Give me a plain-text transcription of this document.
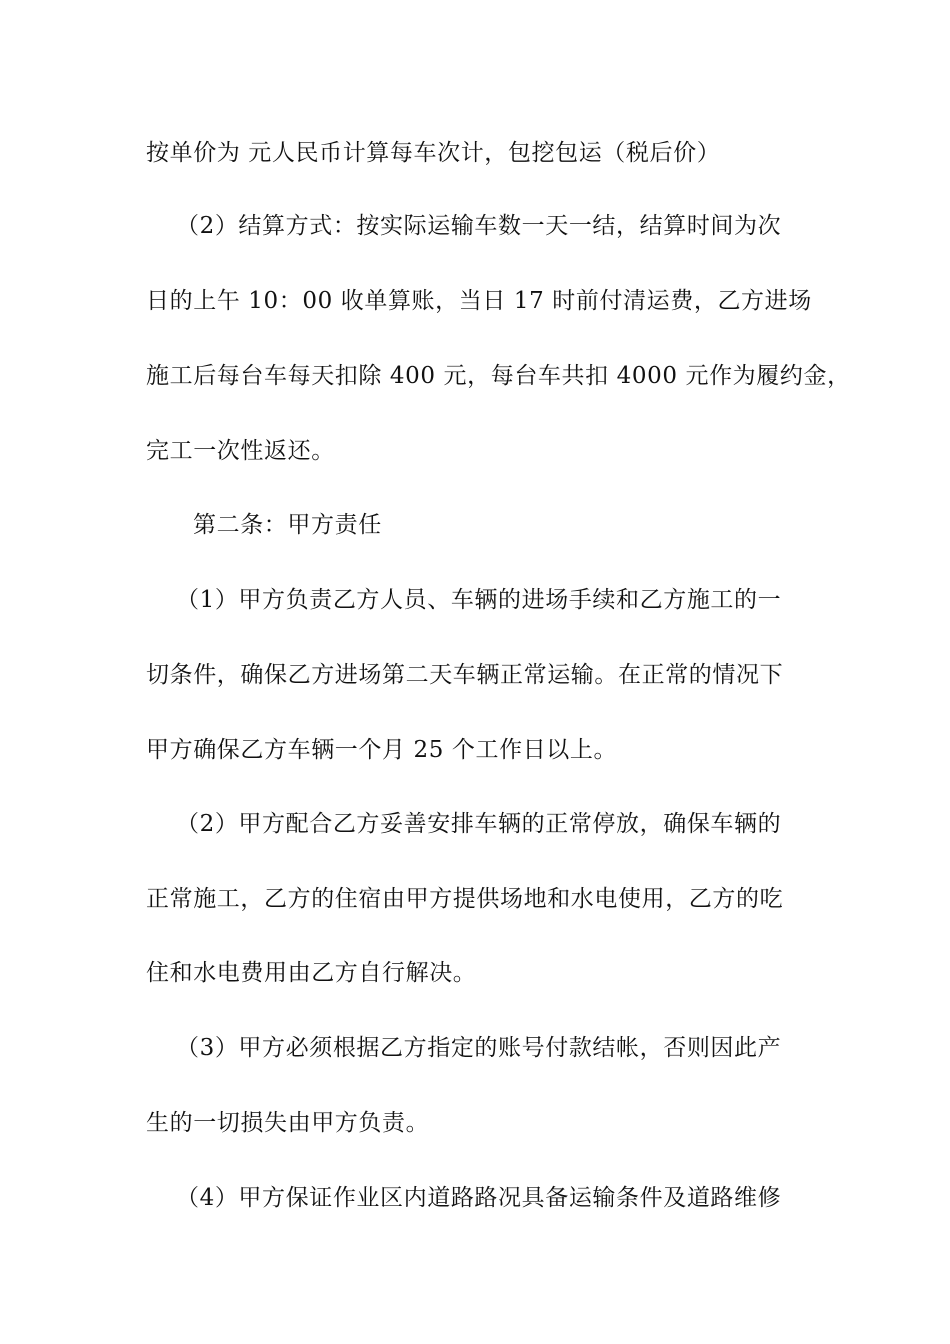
按单价为 元人民币计算每车次计，包挖包运（税后价）
（2）结算方式：按实际运输车数一天一结，结算时间为次
日的上午 10：00 收单算账，当日 17 时前付清运费，乙方进场
施工后每台车每天扣除 400 元，每台车共扣 4000 元作为履约金，
完工一次性返还。
第二条：甲方责任
（1）甲方负责乙方人员、车辆的进场手续和乙方施工的一
切条件，确保乙方进场第二天车辆正常运输。在正常的情况下
甲方确保乙方车辆一个月 25 个工作日以上。
（2）甲方配合乙方妥善安排车辆的正常停放，确保车辆的
正常施工，乙方的住宿由甲方提供场地和水电使用，乙方的吃
住和水电费用由乙方自行解决。
（3）甲方必须根据乙方指定的账号付款结帐，否则因此产
生的一切损失由甲方负责。
（4）甲方保证作业区内道路路况具备运输条件及道路维修
